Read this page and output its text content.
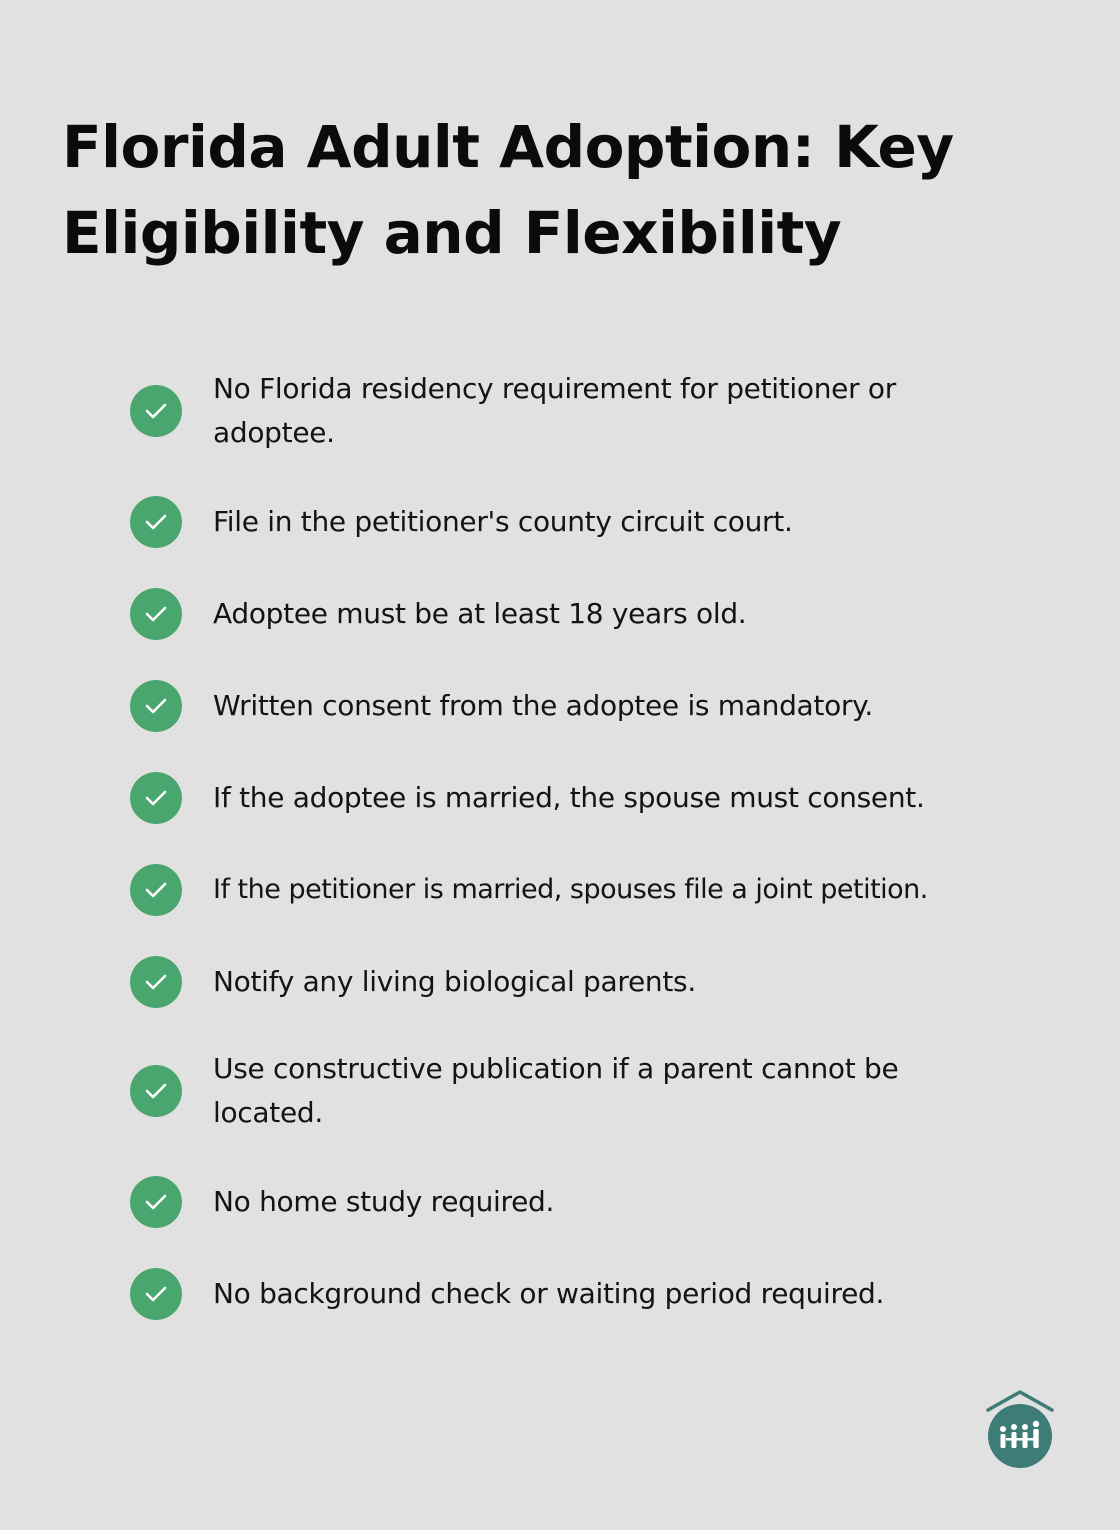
Florida Adult Adoption: Key Eligibility and Flexibility
No Florida residency requirement for petitioner or adoptee.
File in the petitioner's county circuit court.
Adoptee must be at least 18 years old.
Written consent from the adoptee is mandatory.
If the adoptee is married, the spouse must consent.
If the petitioner is married, spouses file a joint petition.
Notify any living biological parents.
Use constructive publication if a parent cannot be located.
No home study required.
No background check or waiting period required.
